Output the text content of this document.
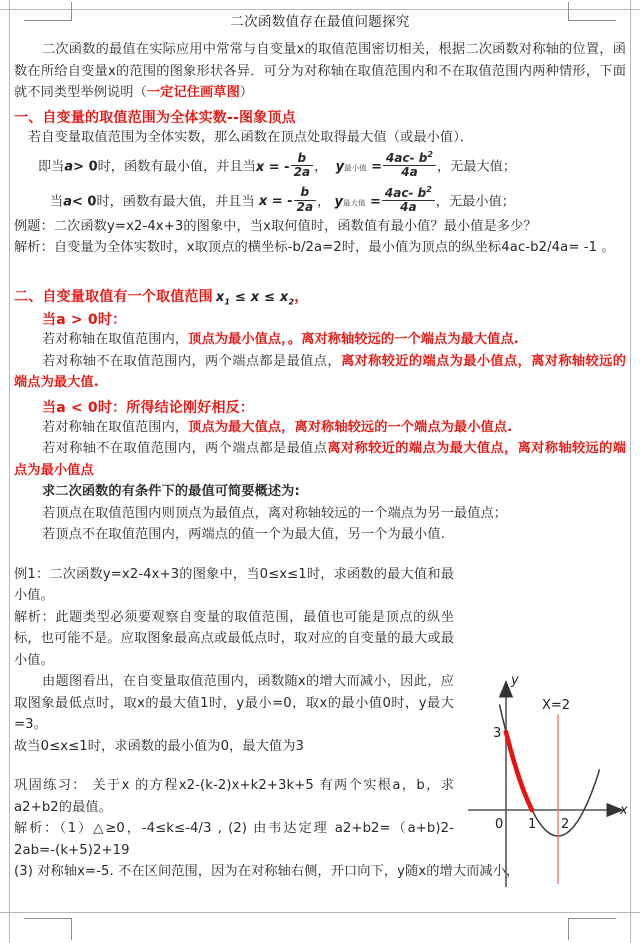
二次函数值存在最值问题探究

二次函数的最值在实际应用中常常与自变量x的取值范围密切相关，根据二次函数对称轴的位置，函数在所给自变量x的范围的图象形状各异．可分为对称轴在取值范围内和不在取值范围内两种情形，下面就不同类型举例说明（一定记住画草图）

一、自变量的取值范围为全体实数--图象顶点

若自变量取值范围为全体实数，那么函数在顶点处取得最大值（或最小值）．

即当a> 0时，函数有最小值，并且当x = - $\frac{b}{2a}$ ，  y最小值 = $\frac{4ac- b^2}{4a}$ ，无最大值；
当a< 0时，函数有最大值，并且当 x = - $\frac{b}{2a}$ ， y最大值 = $\frac{4ac- b^2}{4a}$ ，无最小值；

例题：二次函数y=x2-4x+3的图象中，当x取何值时，函数值有最小值？最小值是多少？

解析：自变量为全体实数时，x取顶点的横坐标-b/2a=2时，最小值为顶点的纵坐标4ac-b2/4a= -1 。

二、自变量取值有一个取值范围 $x_1 \le x \le x_2$，
当a > 0时：

若对称轴在取值范围内，顶点为最小值点，。离对称轴较远的一个端点为最大值点.

若对称轴不在取值范围内，两个端点都是最值点，离对称较近的端点为最小值点，离对称轴较远的端点为最大值.

当a < 0时：所得结论刚好相反：

若对称轴在取值范围内，顶点为最大值点，离对称轴较远的一个端点为最小值点.

若对称轴不在取值范围内，两个端点都是最值点离对称较近的端点为最大值点，离对称轴较远的端点为最小值点

求二次函数的有条件下的最值可简要概述为:

若顶点在取值范围内则顶点为最值点，离对称轴较远的一个端点为另一最值点；

若顶点不在取值范围内，两端点的值一个为最大值，另一个为最小值.

例1：二次函数y=x2-4x+3的图象中，当0≤x≤1时，求函数的最大值和最小值。

解析：此题类型必须要观察自变量的取值范围，最值也可能是顶点的纵坐标，也可能不是。应取图象最高点或最低点时，取对应的自变量的最大或最小值。

由题图看出，在自变量取值范围内，函数随x的增大而减小，因此，应取图象最低点时，取x的最大值1时，y最小=0，取x的最小值0时，y最大=3。

故当0≤x≤1时，求函数的最小值为0，最大值为3

巩固练习： 关于x 的方程x2-(k-2)x+k2+3k+5 有两个实根a，b，求a2+b2的最值。

解析：（1）△≥0，-4≤k≤-4/3 , (2) 由韦达定理 a2+b2=（a+b)2-2ab=-(k+5)2+19

(3) 对称轴x=-5. 不在区间范围，因为在对称轴右侧，开口向下，y随x的增大而减小，

x
y
X=2
0 1 2
3
